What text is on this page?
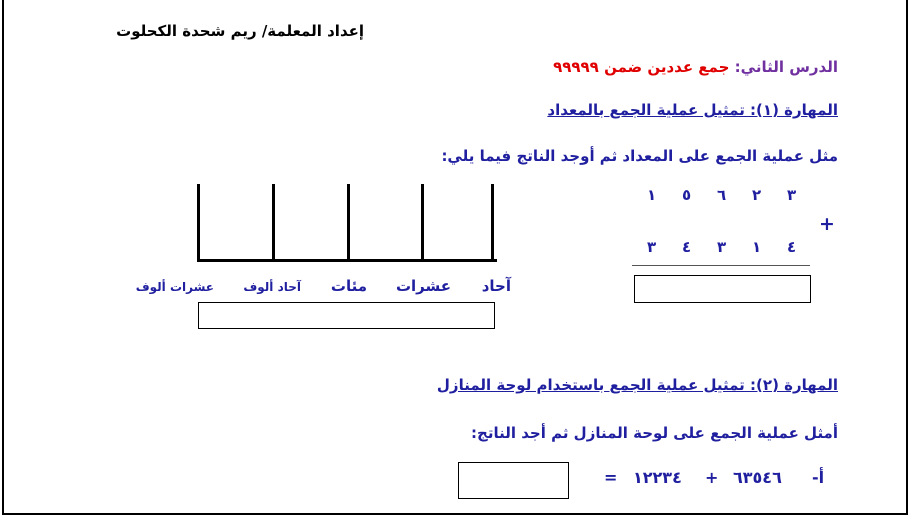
إعداد المعلمة/ ريم شحدة الكحلوت
الدرس الثاني: جمع عددين ضمن ٩٩٩٩٩
المهارة (١): تمثيل عملية الجمع بالمعداد
مثل عملية الجمع على المعداد ثم أوجد الناتج فيما يلي:
آحاد
عشرات
مئات
آحاد ألوف
عشرات ألوف
٣
٢
٦
٥
١
+
٤
١
٣
٤
٣
المهارة (٢): تمثيل عملية الجمع باستخدام لوحة المنازل
أمثل عملية الجمع على لوحة المنازل ثم أجد الناتج:
أ-
٦٣٥٤٦
+
١٢٢٣٤
=
